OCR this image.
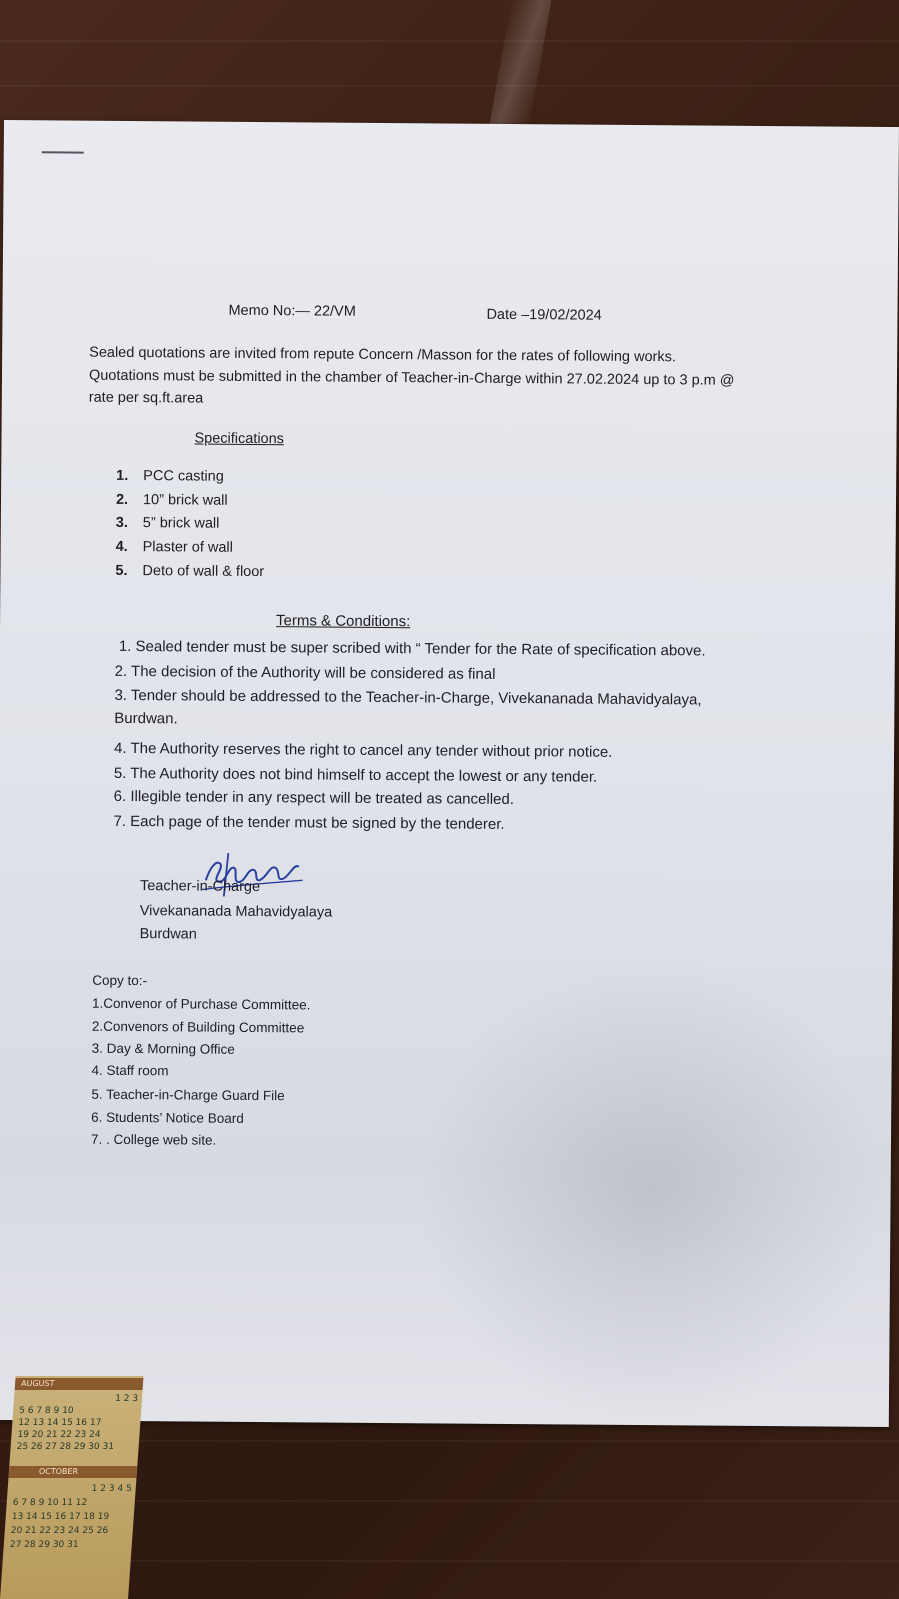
Memo No:— 22/VM	Date –19/02/2024
Sealed quotations are invited from repute Concern /Masson for the rates of following works.
Quotations must be submitted in the chamber of Teacher-in-Charge within 27.02.2024 up to 3 p.m @
rate per sq.ft.area
Specifications
1. PCC casting
2. 10” brick wall
3. 5” brick wall
4. Plaster of wall
5. Deto of wall & floor
Terms & Conditions:
1. Sealed tender must be super scribed with “ Tender for the Rate of specification above.
2. The decision of the Authority will be considered as final
3. Tender should be addressed to the Teacher-in-Charge, Vivekananada Mahavidyalaya,
Burdwan.
4. The Authority reserves the right to cancel any tender without prior notice.
5. The Authority does not bind himself to accept the lowest or any tender.
6. Illegible tender in any respect will be treated as cancelled.
7. Each page of the tender must be signed by the tenderer.
Teacher-in-Charge
Vivekananada Mahavidyalaya
Burdwan
Copy to:-
1.Convenor of Purchase Committee.
2.Convenors of Building Committee
3. Day & Morning Office
4. Staff room
5. Teacher-in-Charge Guard File
6. Students’ Notice Board
7. . College web site.
AUGUST
1 2 3
5 6 7 8 9 10
12 13 14 15 16 17
19 20 21 22 23 24
25 26 27 28 29 30 31
OCTOBER
1 2 3 4 5
6 7 8 9 10 11 12
13 14 15 16 17 18 19
20 21 22 23 24 25 26
27 28 29 30 31
